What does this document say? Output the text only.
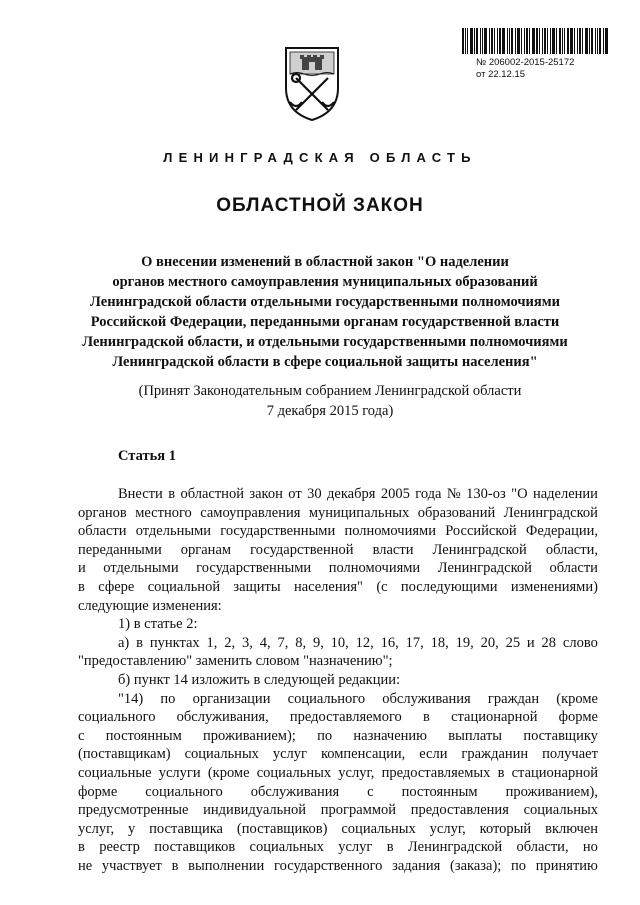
№ 206002-2015-25172
от 22.12.15
ЛЕНИНГРАДСКАЯ ОБЛАСТЬ
ОБЛАСТНОЙ ЗАКОН
О внесении изменений в областной закон "О наделении
органов местного самоуправления муниципальных образований
Ленинградской области отдельными государственными полномочиями
Российской Федерации, переданными органам государственной власти
Ленинградской области, и отдельными государственными полномочиями
Ленинградской области в сфере социальной защиты населения"
(Принят Законодательным собранием Ленинградской области
7 декабря 2015 года)
Статья 1
Внести в областной закон от 30 декабря 2005 года № 130-оз "О наделении
органов местного самоуправления муниципальных образований Ленинградской
области отдельными государственными полномочиями Российской Федерации,
переданными органам государственной власти Ленинградской области,
и отдельными государственными полномочиями Ленинградской области
в сфере социальной защиты населения" (с последующими изменениями)
следующие изменения:
1) в статье 2:
а) в пунктах 1, 2, 3, 4, 7, 8, 9, 10, 12, 16, 17, 18, 19, 20, 25 и 28 слово
"предоставлению" заменить словом "назначению";
б) пункт 14 изложить в следующей редакции:
"14) по организации социального обслуживания граждан (кроме
социального обслуживания, предоставляемого в стационарной форме
с постоянным проживанием); по назначению выплаты поставщику
(поставщикам) социальных услуг компенсации, если гражданин получает
социальные услуги (кроме социальных услуг, предоставляемых в стационарной
форме социального обслуживания с постоянным проживанием),
предусмотренные индивидуальной программой предоставления социальных
услуг, у поставщика (поставщиков) социальных услуг, который включен
в реестр поставщиков социальных услуг в Ленинградской области, но
не участвует в выполнении государственного задания (заказа); по принятию
